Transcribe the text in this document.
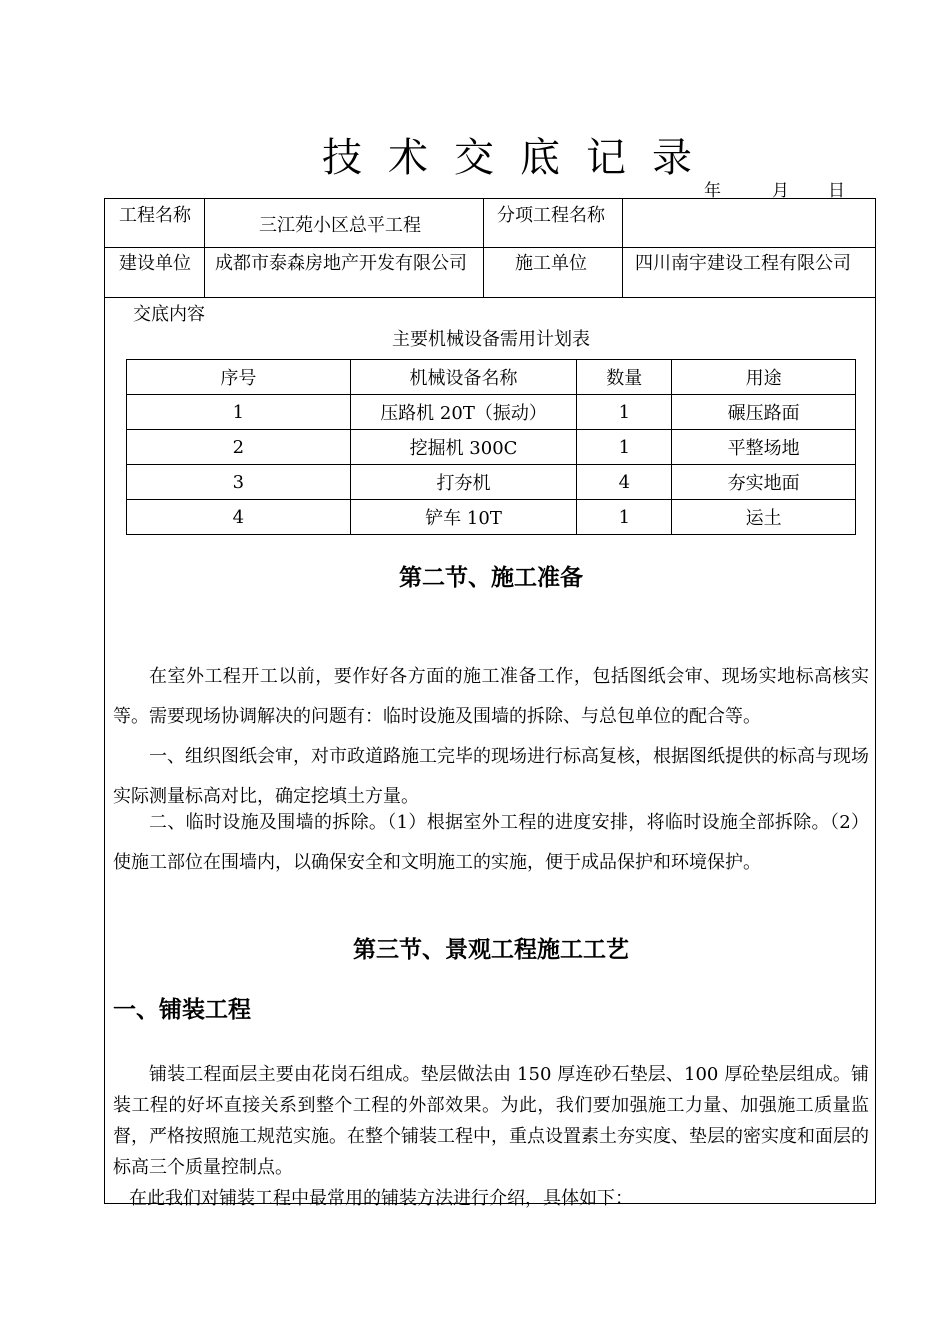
技术交底记录
年	月 日
工程名称	三江苑小区总平工程	分项工程名称
建设单位 成都市泰森房地产开发有限公司	施工单位	四川南宇建设工程有限公司
交底内容
主要机械设备需用计划表
序号	机械设备名称	数量	用途
1	压路机 20T（振动）	1	碾压路面
2	挖掘机 300C	1	平整场地
3	打夯机	4	夯实地面
4	铲车 10T	1	运土
第二节、施工准备

在室外工程开工以前，要作好各方面的施工准备工作，包括图纸会审、现场实地标高核实等。需要现场协调解决的问题有：临时设施及围墙的拆除、与总包单位的配合等。

一、组织图纸会审，对市政道路施工完毕的现场进行标高复核，根据图纸提供的标高与现场实际测量标高对比，确定挖填土方量。

二、临时设施及围墙的拆除。（1）根据室外工程的进度安排，将临时设施全部拆除。（2）使施工部位在围墙内，以确保安全和文明施工的实施，便于成品保护和环境保护。

第三节、景观工程施工工艺
一、铺装工程

铺装工程面层主要由花岗石组成。垫层做法由 150 厚连砂石垫层、100 厚砼垫层组成。铺装工程的好坏直接关系到整个工程的外部效果。为此，我们要加强施工力量、加强施工质量监督，严格按照施工规范实施。在整个铺装工程中，重点设置素土夯实度、垫层的密实度和面层的标高三个质量控制点。

在此我们对铺装工程中最常用的铺装方法进行介绍，具体如下：
